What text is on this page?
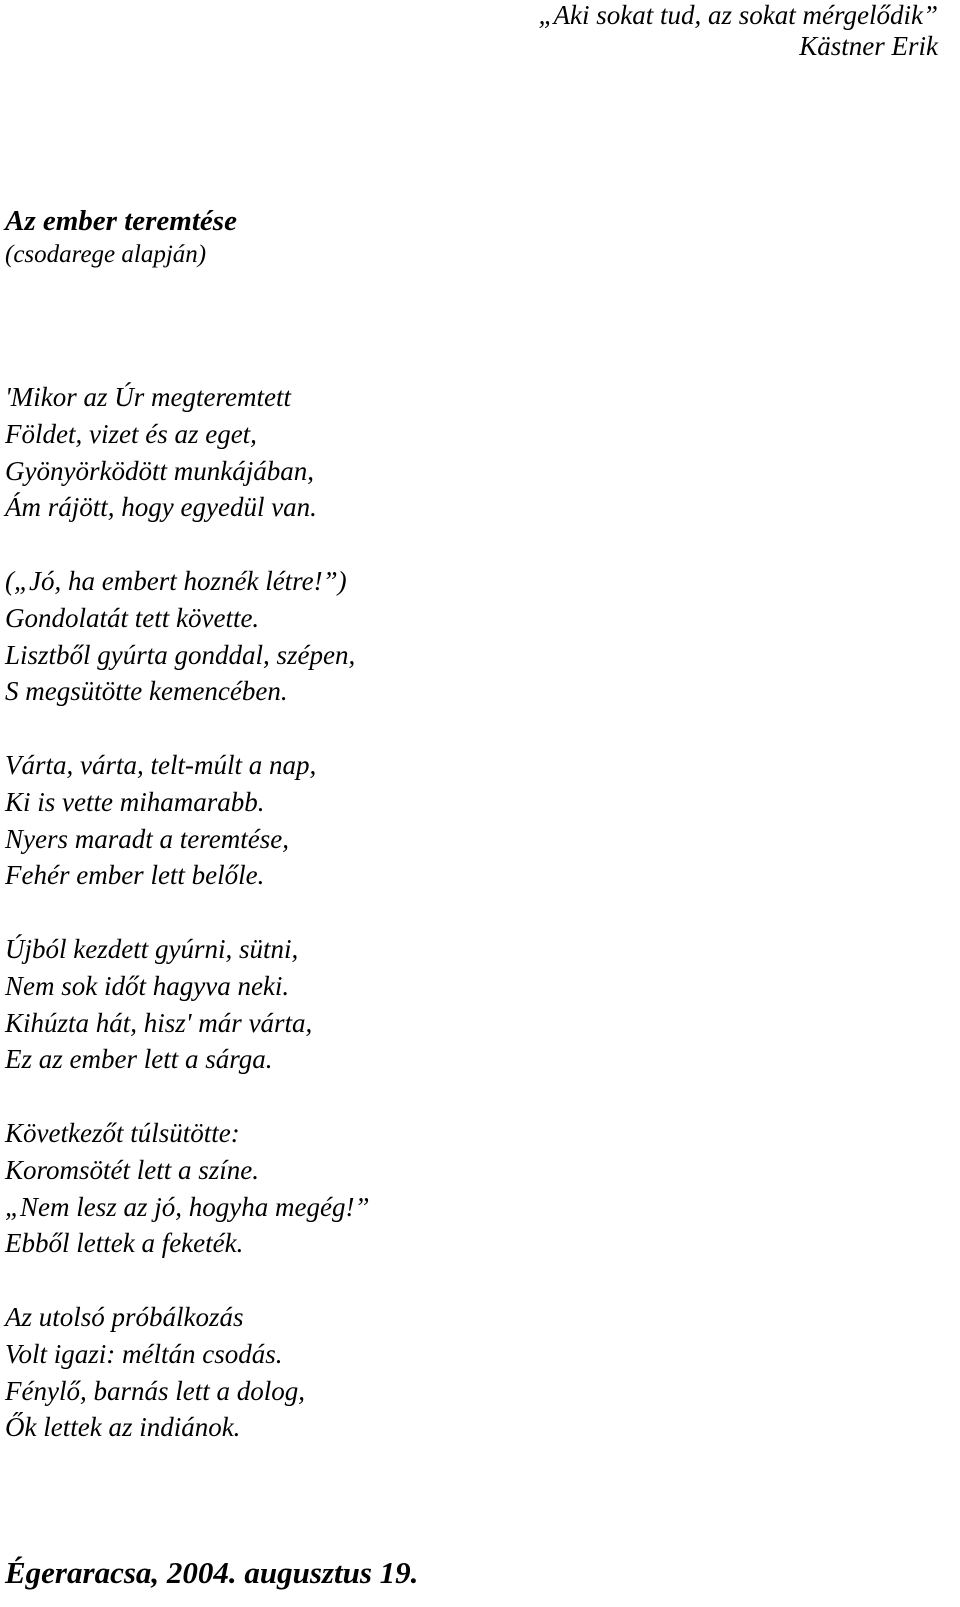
„Aki sokat tud, az sokat mérgelődik”
Kästner Erik
Az ember teremtése
(csodarege alapján)
'Mikor az Úr megteremtett
Földet, vizet és az eget,
Gyönyörködött munkájában,
Ám rájött, hogy egyedül van.
(„Jó, ha embert hoznék létre!”)
Gondolatát tett követte.
Lisztből gyúrta gonddal, szépen,
S megsütötte kemencében.
Várta, várta, telt-múlt a nap,
Ki is vette mihamarabb.
Nyers maradt a teremtése,
Fehér ember lett belőle.
Újból kezdett gyúrni, sütni,
Nem sok időt hagyva neki.
Kihúzta hát, hisz' már várta,
Ez az ember lett a sárga.
Következőt túlsütötte:
Koromsötét lett a színe.
„Nem lesz az jó, hogyha megég!”
Ebből lettek a feketék.
Az utolsó próbálkozás
Volt igazi: méltán csodás.
Fénylő, barnás lett a dolog,
Ők lettek az indiánok.
Égeraracsa, 2004. augusztus 19.
